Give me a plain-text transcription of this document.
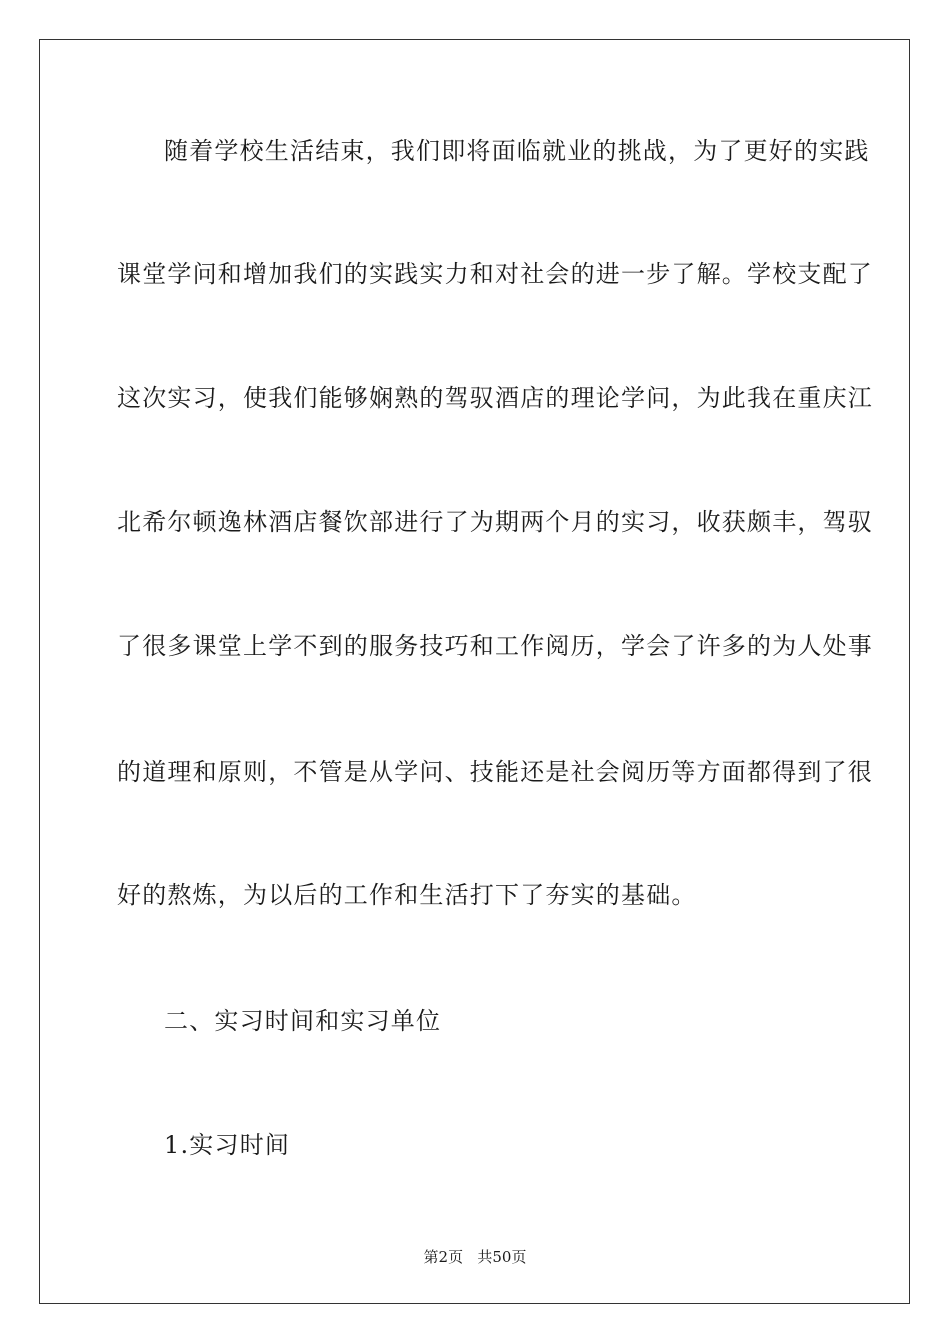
随着学校生活结束，我们即将面临就业的挑战，为了更好的实践
课堂学问和增加我们的实践实力和对社会的进一步了解。学校支配了
这次实习，使我们能够娴熟的驾驭酒店的理论学问，为此我在重庆江
北希尔顿逸林酒店餐饮部进行了为期两个月的实习，收获颇丰，驾驭
了很多课堂上学不到的服务技巧和工作阅历，学会了许多的为人处事
的道理和原则，不管是从学问、技能还是社会阅历等方面都得到了很
好的熬炼，为以后的工作和生活打下了夯实的基础。
二、实习时间和实习单位
1.实习时间
第2页   共50页
